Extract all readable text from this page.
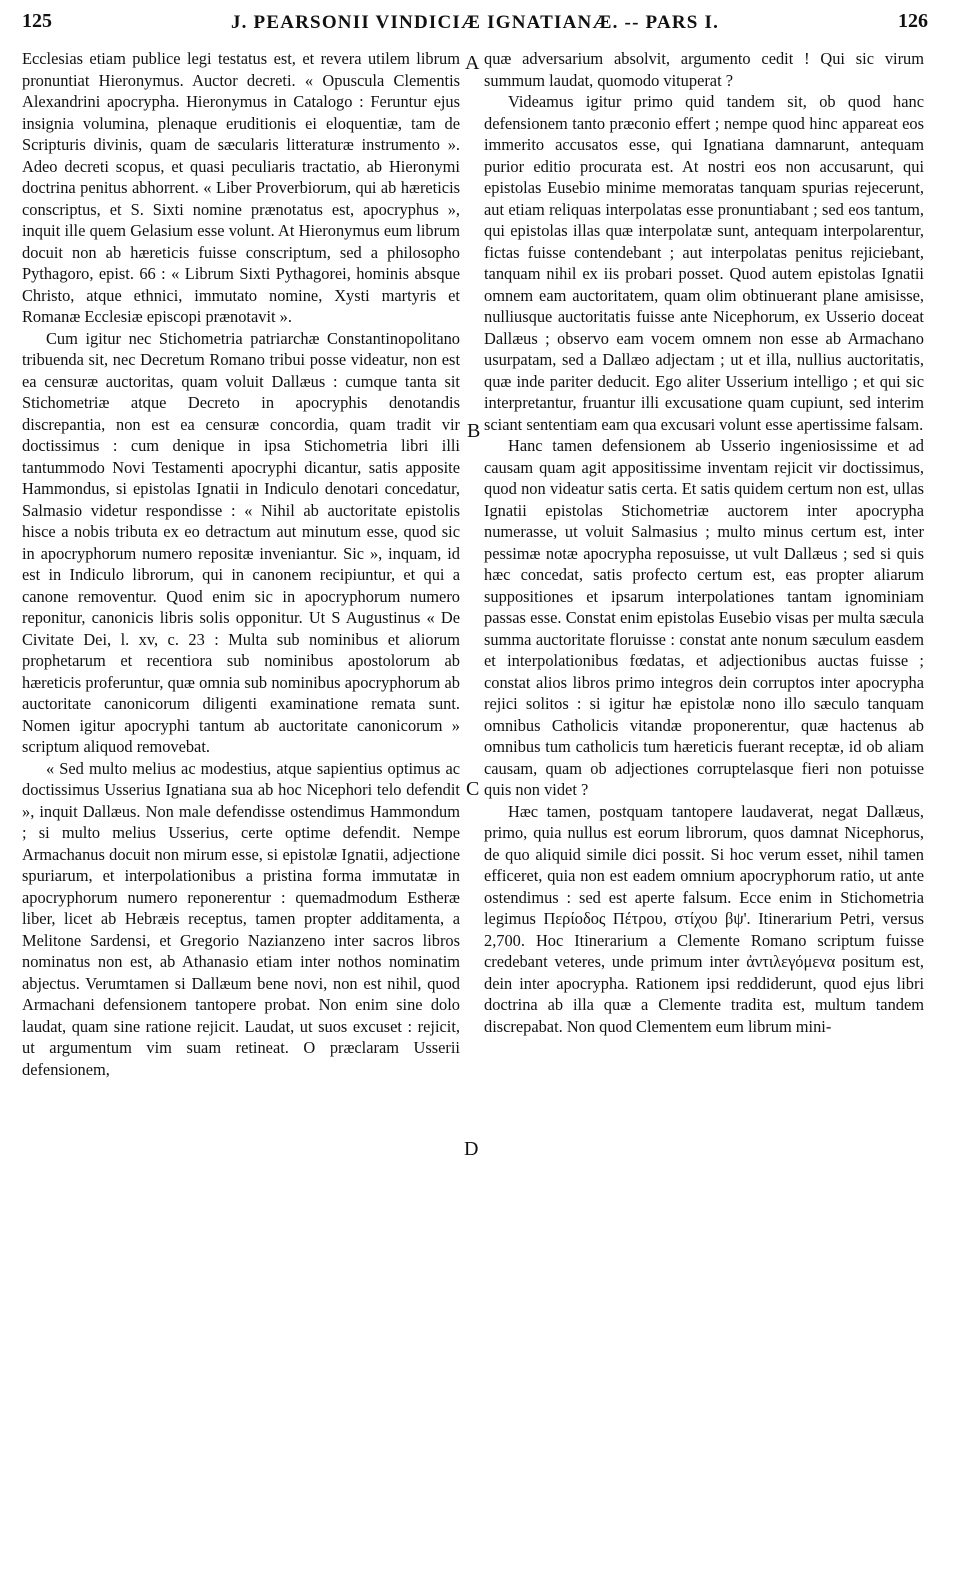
125	J. PEARSONII VINDICIÆ IGNATIANÆ. -- PARS I.	126

Ecclesias etiam publice legi testatus est, et revera utilem librum pronuntiat Hieronymus. Auctor decreti. « Opuscula Clementis Alexandrini apocrypha. Hieronymus in Catalogo : Feruntur ejus insignia volumina, plenaque eruditionis ei eloquentiæ, tam de Scripturis divinis, quam de sæcularis litteraturæ instrumento ». Adeo decreti scopus, et quasi peculiaris tractatio, ab Hieronymi doctrina penitus abhorrent. « Liber Proverbiorum, qui ab hæreticis conscriptus, et S. Sixti nomine prænotatus est, apocryphus », inquit ille quem Gelasium esse volunt. At Hieronymus eum librum docuit non ab hæreticis fuisse conscriptum, sed a philosopho Pythagoro, epist. 66 : « Librum Sixti Pythagorei, hominis absque Christo, atque ethnici, immutato nomine, Xysti martyris et Romanæ Ecclesiæ episcopi prænotavit ».

Cum igitur nec Stichometria patriarchæ Constantinopolitano tribuenda sit, nec Decretum Romano tribui posse videatur, non est ea censuræ auctoritas, quam voluit Dallæus : cumque tanta sit Stichometriæ atque Decreto in apocryphis denotandis discrepantia, non est ea censuræ concordia, quam tradit vir doctissimus : cum denique in ipsa Stichometria libri illi tantummodo Novi Testamenti apocryphi dicantur, satis apposite Hammondus, si epistolas Ignatii in Indiculo denotari concedatur, Salmasio videtur respondisse : « Nihil ab auctoritate epistolis hisce a nobis tributa ex eo detractum aut minutum esse, quod sic in apocryphorum numero repositæ inveniantur. Sic », inquam, id est in Indiculo librorum, qui in canonem recipiuntur, et qui a canone removentur. Quod enim sic in apocryphorum numero reponitur, canonicis libris solis opponitur. Ut S Augustinus « De Civitate Dei, l. xv, c. 23 : Multa sub nominibus et aliorum prophetarum et recentiora sub nominibus apostolorum ab hæreticis proferuntur, quæ omnia sub nominibus apocryphorum ab auctoritate canonicorum diligenti examinatione remata sunt. Nomen igitur apocryphi tantum ab auctoritate canonicorum » scriptum aliquod removebat.

« Sed multo melius ac modestius, atque sapientius optimus ac doctissimus Usserius Ignatiana sua ab hoc Nicephori telo defendit », inquit Dallæus. Non male defendisse ostendimus Hammondum ; si multo melius Usserius, certe optime defendit. Nempe Armachanus docuit non mirum esse, si epistolæ Ignatii, adjectione spuriarum, et interpolationibus a pristina forma immutatæ in apocryphorum numero reponerentur : quemadmodum Estheræ liber, licet ab Hebræis receptus, tamen propter additamenta, a Melitone Sardensi, et Gregorio Nazianzeno inter sacros libros nominatus non est, ab Athanasio etiam inter nothos nominatim abjectus. Verumtamen si Dallæum bene novi, non est nihil, quod Armachani defensionem tantopere probat. Non enim sine dolo laudat, quam sine ratione rejicit. Laudat, ut suos excuset : rejicit, ut argumentum vim suam retineat. O præclaram Usserii defensionem,

A
B
C
D

quæ adversarium absolvit, argumento cedit ! Qui sic virum summum laudat, quomodo vituperat ?

Videamus igitur primo quid tandem sit, ob quod hanc defensionem tanto præconio effert ; nempe quod hinc appareat eos immerito accusatos esse, qui Ignatiana damnarunt, antequam purior editio procurata est. At nostri eos non accusarunt, qui epistolas Eusebio minime memoratas tanquam spurias rejecerunt, aut etiam reliquas interpolatas esse pronuntiabant ; sed eos tantum, qui epistolas illas quæ interpolatæ sunt, antequam interpolarentur, fictas fuisse contendebant ; aut interpolatas penitus rejiciebant, tanquam nihil ex iis probari posset. Quod autem epistolas Ignatii omnem eam auctoritatem, quam olim obtinuerant plane amisisse, nulliusque auctoritatis fuisse ante Nicephorum, ex Usserio doceat Dallæus ; observo eam vocem omnem non esse ab Armachano usurpatam, sed a Dallæo adjectam ; ut et illa, nullius auctoritatis, quæ inde pariter deducit. Ego aliter Usserium intelligo ; et qui sic interpretantur, fruantur illi excusatione quam cupiunt, sed interim sciant sententiam eam qua excusari volunt esse apertissime falsam.

Hanc tamen defensionem ab Usserio ingeniosissime et ad causam quam agit appositissime inventam rejicit vir doctissimus, quod non videatur satis certa. Et satis quidem certum non est, ullas Ignatii epistolas Stichometriæ auctorem inter apocrypha numerasse, ut voluit Salmasius ; multo minus certum est, inter pessimæ notæ apocrypha reposuisse, ut vult Dallæus ; sed si quis hæc concedat, satis profecto certum est, eas propter aliarum suppositiones et ipsarum interpolationes tantam ignominiam passas esse. Constat enim epistolas Eusebio visas per multa sæcula summa auctoritate floruisse : constat ante nonum sæculum easdem et interpolationibus fœdatas, et adjectionibus auctas fuisse ; constat alios libros primo integros dein corruptos inter apocrypha rejici solitos : si igitur hæ epistolæ nono illo sæculo tanquam omnibus Catholicis vitandæ proponerentur, quæ hactenus ab omnibus tum catholicis tum hæreticis fuerant receptæ, id ob aliam causam, quam ob adjectiones corruptelasque fieri non potuisse quis non videt ?

Hæc tamen, postquam tantopere laudaverat, negat Dallæus, primo, quia nullus est eorum librorum, quos damnat Nicephorus, de quo aliquid simile dici possit. Si hoc verum esset, nihil tamen efficeret, quia non est eadem omnium apocryphorum ratio, ut ante ostendimus : sed est aperte falsum. Ecce enim in Stichometria legimus Περίοδος Πέτρου, στίχου βψ'. Itinerarium Petri, versus 2,700. Hoc Itinerarium a Clemente Romano scriptum fuisse credebant veteres, unde primum inter ἀντιλεγόμενα positum est, dein inter apocrypha. Rationem ipsi reddiderunt, quod ejus libri doctrina ab illa quæ a Clemente tradita est, multum tandem discrepabat. Non quod Clementem eum librum mini-
